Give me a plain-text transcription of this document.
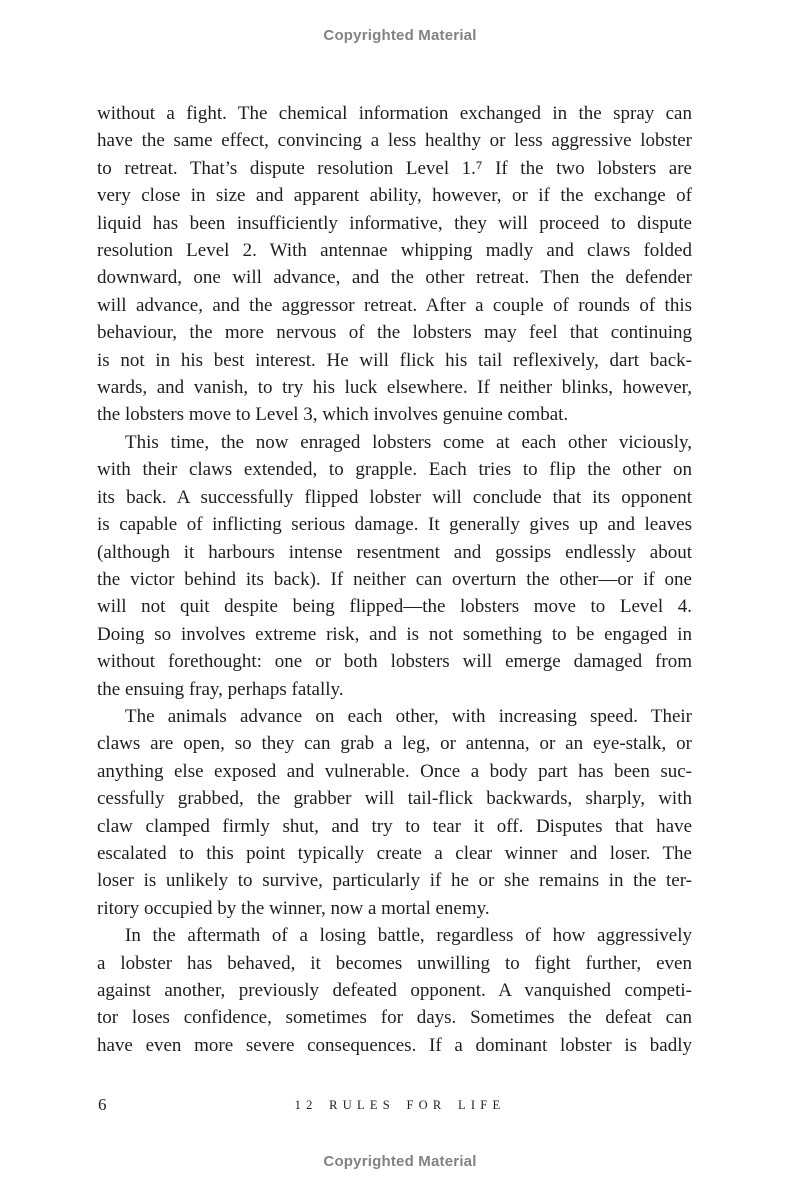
Copyrighted Material
without a fight. The chemical information exchanged in the spray can
have the same effect, convincing a less healthy or less aggressive lobster
to retreat. That’s dispute resolution Level 1.⁷ If the two lobsters are
very close in size and apparent ability, however, or if the exchange of
liquid has been insufficiently informative, they will proceed to dispute
resolution Level 2. With antennae whipping madly and claws folded
downward, one will advance, and the other retreat. Then the defender
will advance, and the aggressor retreat. After a couple of rounds of this
behaviour, the more nervous of the lobsters may feel that continuing
is not in his best interest. He will flick his tail reflexively, dart back-
wards, and vanish, to try his luck elsewhere. If neither blinks, however,
the lobsters move to Level 3, which involves genuine combat.
This time, the now enraged lobsters come at each other viciously,
with their claws extended, to grapple. Each tries to flip the other on
its back. A successfully flipped lobster will conclude that its opponent
is capable of inflicting serious damage. It generally gives up and leaves
(although it harbours intense resentment and gossips endlessly about
the victor behind its back). If neither can overturn the other—or if one
will not quit despite being flipped—the lobsters move to Level 4.
Doing so involves extreme risk, and is not something to be engaged in
without forethought: one or both lobsters will emerge damaged from
the ensuing fray, perhaps fatally.
The animals advance on each other, with increasing speed. Their
claws are open, so they can grab a leg, or antenna, or an eye-stalk, or
anything else exposed and vulnerable. Once a body part has been suc-
cessfully grabbed, the grabber will tail-flick backwards, sharply, with
claw clamped firmly shut, and try to tear it off. Disputes that have
escalated to this point typically create a clear winner and loser. The
loser is unlikely to survive, particularly if he or she remains in the ter-
ritory occupied by the winner, now a mortal enemy.
In the aftermath of a losing battle, regardless of how aggressively
a lobster has behaved, it becomes unwilling to fight further, even
against another, previously defeated opponent. A vanquished competi-
tor loses confidence, sometimes for days. Sometimes the defeat can
have even more severe consequences. If a dominant lobster is badly
6	12 RULES FOR LIFE
Copyrighted Material
